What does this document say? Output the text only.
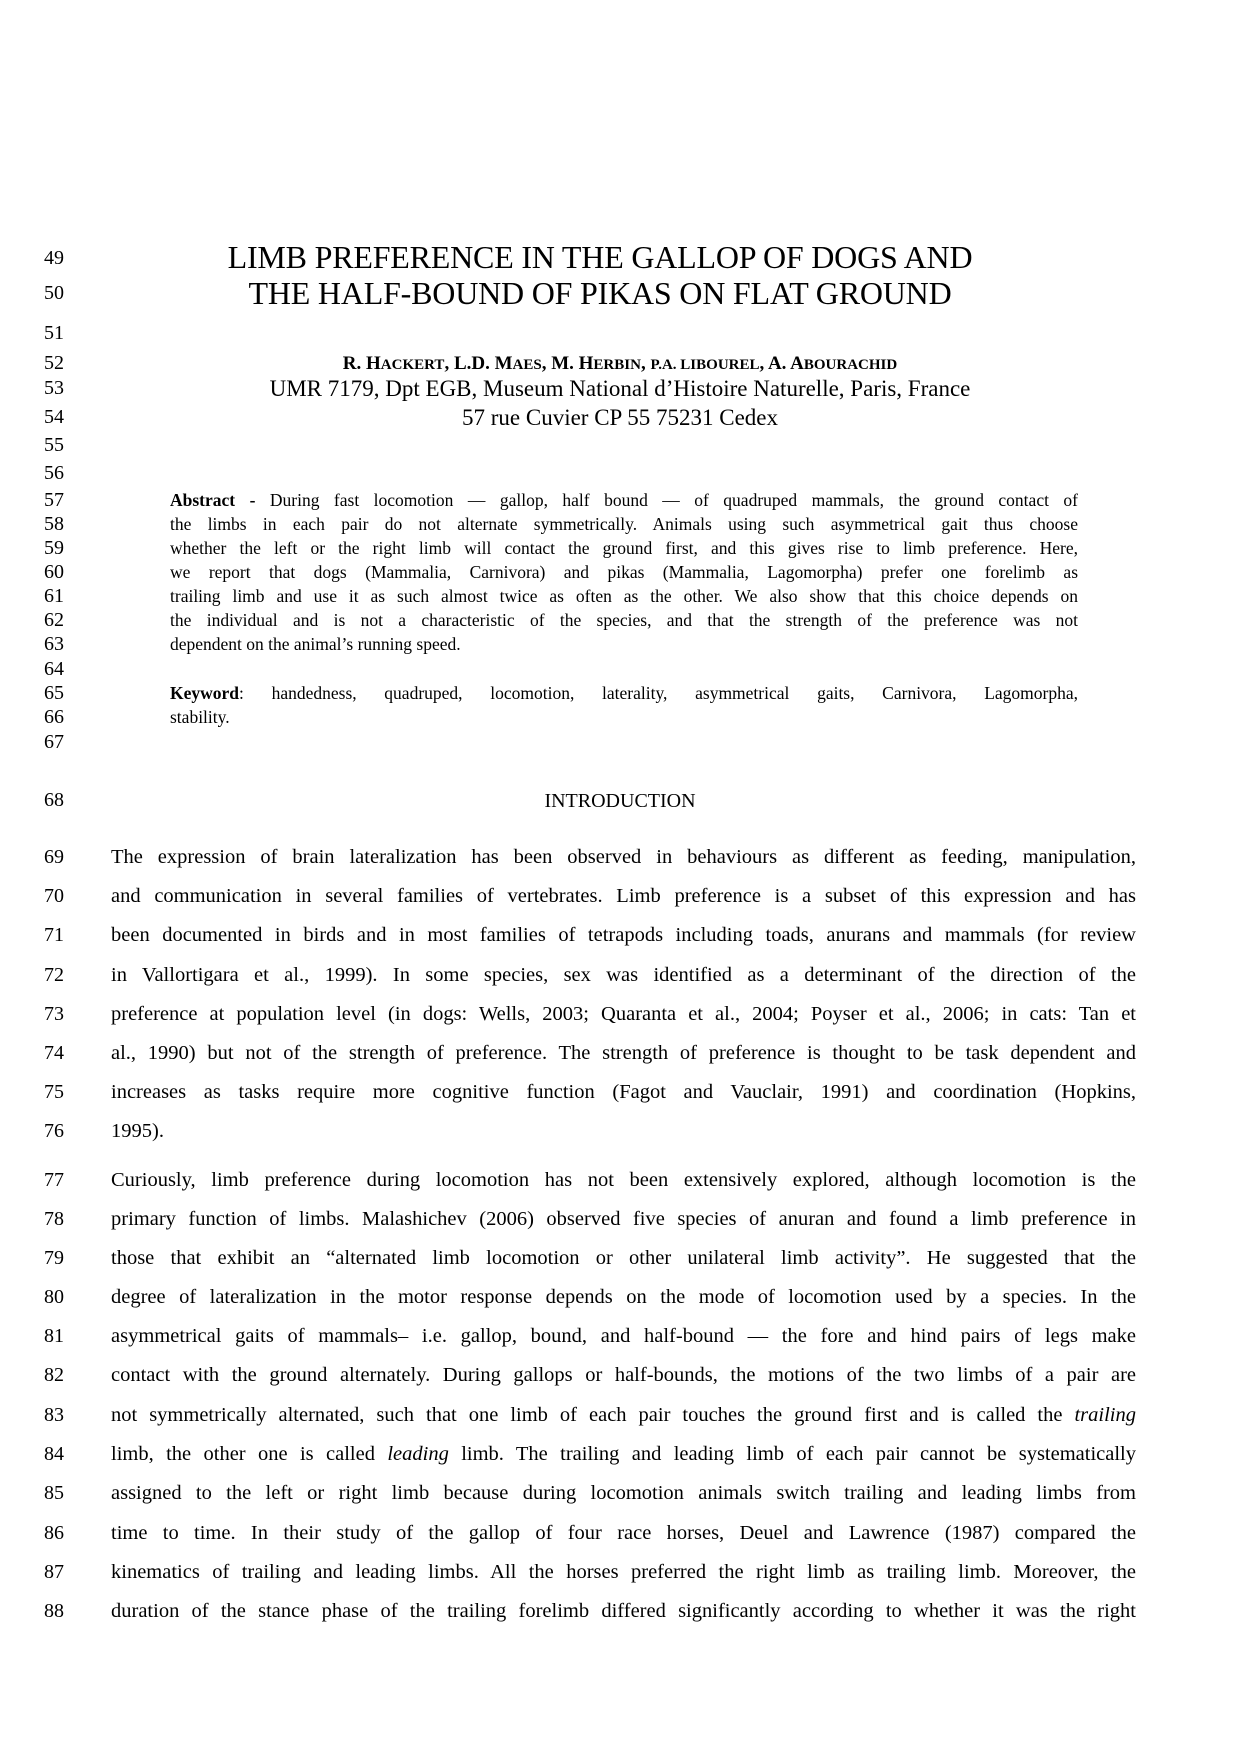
49
50
51
52
53
54
55
56
57
58
59
60
61
62
63
64
65
66
67
68
69
70
71
72
73
74
75
76
77
78
79
80
81
82
83
84
85
86
87
88
LIMB PREFERENCE IN THE GALLOP OF DOGS AND
THE HALF-BOUND OF PIKAS ON FLAT GROUND
R. HACKERT, L.D. MAES, M. HERBIN, P.A. LIBOUREL, A. ABOURACHID
UMR 7179, Dpt EGB, Museum National d’Histoire Naturelle, Paris, France
57 rue Cuvier CP 55 75231 Cedex
Abstract - During fast locomotion — gallop, half bound — of quadruped mammals, the ground contact of
the limbs in each pair do not alternate symmetrically. Animals using such asymmetrical gait thus choose
whether the left or the right limb will contact the ground first, and this gives rise to limb preference. Here,
we report that dogs (Mammalia, Carnivora) and pikas (Mammalia, Lagomorpha) prefer one forelimb as
trailing limb and use it as such almost twice as often as the other. We also show that this choice depends on
the individual and is not a characteristic of the species, and that the strength of the preference was not
dependent on the animal’s running speed.
Keyword: handedness, quadruped, locomotion, laterality, asymmetrical gaits, Carnivora, Lagomorpha,
stability.
INTRODUCTION
The expression of brain lateralization has been observed in behaviours as different as feeding, manipulation,
and communication in several families of vertebrates. Limb preference is a subset of this expression and has
been documented in birds and in most families of tetrapods including toads, anurans and mammals (for review
in Vallortigara et al., 1999). In some species, sex was identified as a determinant of the direction of the
preference at population level (in dogs: Wells, 2003; Quaranta et al., 2004; Poyser et al., 2006; in cats: Tan et
al., 1990) but not of the strength of preference. The strength of preference is thought to be task dependent and
increases as tasks require more cognitive function (Fagot and Vauclair, 1991) and coordination (Hopkins,
1995).
Curiously, limb preference during locomotion has not been extensively explored, although locomotion is the
primary function of limbs. Malashichev (2006) observed five species of anuran and found a limb preference in
those that exhibit an “alternated limb locomotion or other unilateral limb activity”. He suggested that the
degree of lateralization in the motor response depends on the mode of locomotion used by a species. In the
asymmetrical gaits of mammals– i.e. gallop, bound, and half-bound — the fore and hind pairs of legs make
contact with the ground alternately. During gallops or half-bounds, the motions of the two limbs of a pair are
not symmetrically alternated, such that one limb of each pair touches the ground first and is called the trailing
limb, the other one is called leading limb. The trailing and leading limb of each pair cannot be systematically
assigned to the left or right limb because during locomotion animals switch trailing and leading limbs from
time to time. In their study of the gallop of four race horses, Deuel and Lawrence (1987) compared the
kinematics of trailing and leading limbs. All the horses preferred the right limb as trailing limb. Moreover, the
duration of the stance phase of the trailing forelimb differed significantly according to whether it was the right
